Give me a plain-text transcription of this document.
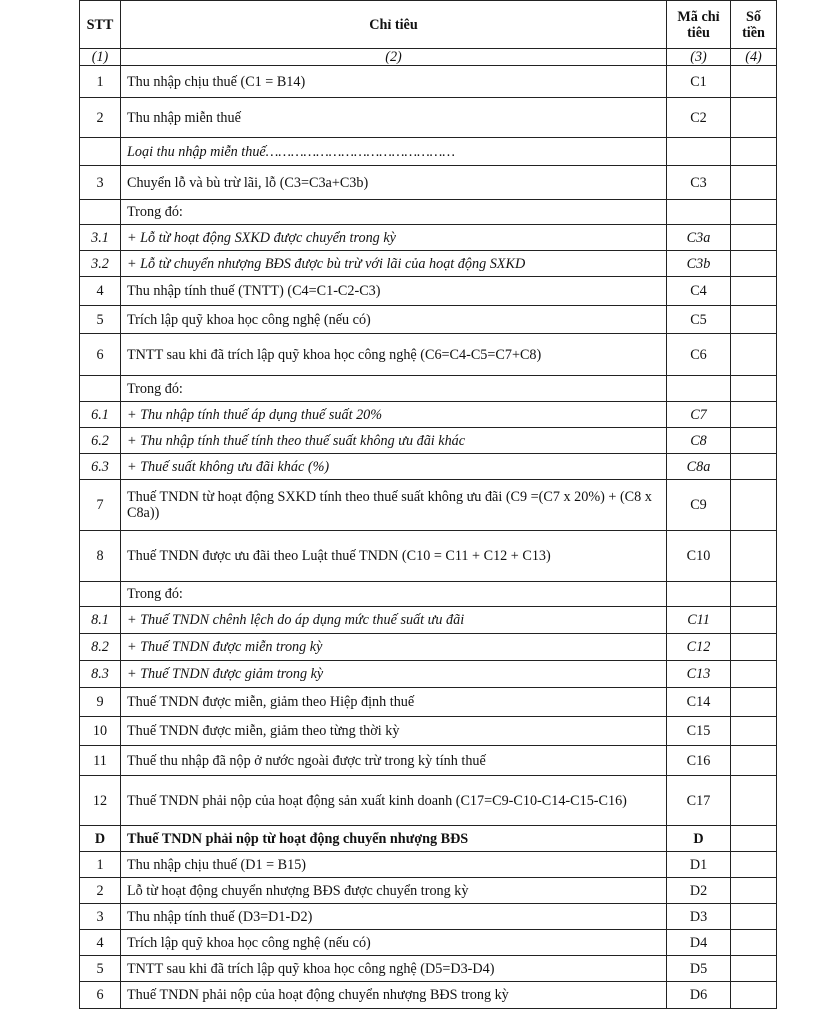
STT	Chỉ tiêu	Mã chỉ tiêu	Số tiền
(1)	(2)	(3)	(4)
1	Thu nhập chịu thuế (C1 = B14)	C1	
2	Thu nhập miễn thuế	C2	
	Loại thu nhập miễn thuế………………………………………		
3	Chuyển lỗ và bù trừ lãi, lỗ (C3=C3a+C3b)	C3	
	Trong đó:		
3.1	+ Lỗ từ hoạt động SXKD được chuyển trong kỳ	C3a	
3.2	+ Lỗ từ chuyển nhượng BĐS được bù trừ với lãi của hoạt động SXKD	C3b	
4	Thu nhập tính thuế (TNTT) (C4=C1-C2-C3)	C4	
5	Trích lập quỹ khoa học công nghệ (nếu có)	C5	
6	TNTT sau khi đã trích lập quỹ khoa học công nghệ (C6=C4-C5=C7+C8)	C6	
	Trong đó:		
6.1	+ Thu nhập tính thuế áp dụng thuế suất 20%	C7	
6.2	+ Thu nhập tính thuế tính theo thuế suất không ưu đãi khác	C8	
6.3	+ Thuế suất không ưu đãi khác (%)	C8a	
7	Thuế TNDN từ hoạt động SXKD tính theo thuế suất không ưu đãi (C9 =(C7 x 20%) + (C8 x C8a))	C9	
8	Thuế TNDN được ưu đãi theo Luật thuế TNDN (C10 = C11 + C12 + C13)	C10	
	Trong đó:		
8.1	+ Thuế TNDN chênh lệch do áp dụng mức thuế suất ưu đãi	C11	
8.2	+ Thuế TNDN được miễn trong kỳ	C12	
8.3	+ Thuế TNDN được giảm trong kỳ	C13	
9	Thuế TNDN được miễn, giảm theo Hiệp định thuế	C14	
10	Thuế TNDN được miễn, giảm theo từng thời kỳ	C15	
11	Thuế thu nhập đã nộp ở nước ngoài được trừ trong kỳ tính thuế	C16	
12	Thuế TNDN phải nộp của hoạt động sản xuất kinh doanh (C17=C9-C10-C14-C15-C16)	C17	
D	Thuế TNDN phải nộp từ hoạt động chuyển nhượng BĐS	D	
1	Thu nhập chịu thuế (D1 = B15)	D1	
2	Lỗ từ hoạt động chuyển nhượng BĐS được chuyển trong kỳ	D2	
3	Thu nhập tính thuế (D3=D1-D2)	D3	
4	Trích lập quỹ khoa học công nghệ (nếu có)	D4	
5	TNTT sau khi đã trích lập quỹ khoa học công nghệ (D5=D3-D4)	D5	
6	Thuế TNDN phải nộp của hoạt động chuyển nhượng BĐS trong kỳ	D6	
